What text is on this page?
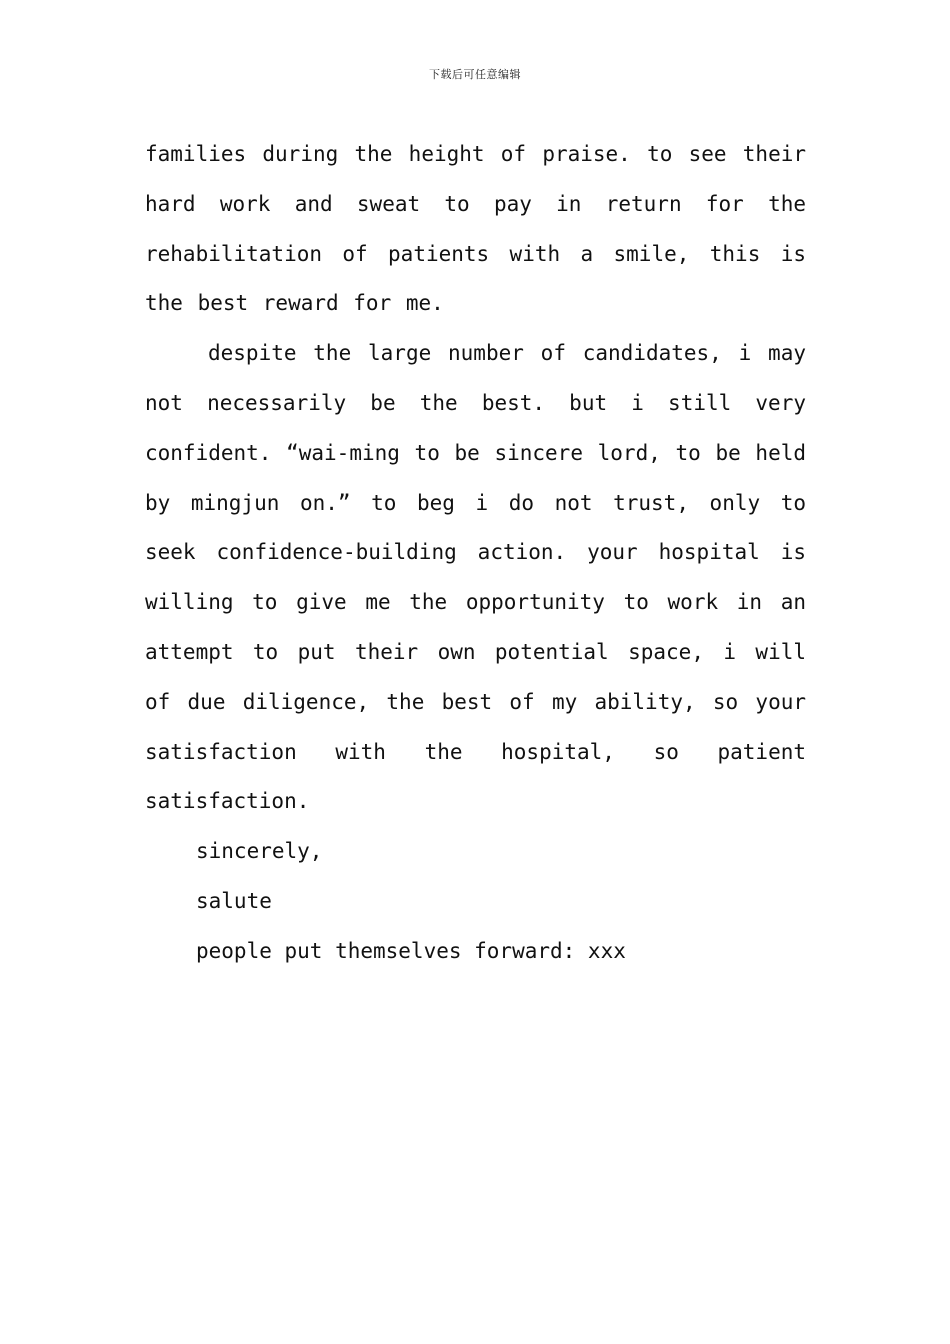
下载后可任意编辑

families during the height of praise. to see their hard work and sweat to pay in return for the rehabilitation of patients with a smile, this is the best reward for me.

despite the large number of candidates, i may not necessarily be the best. but i still very confident. “wai-ming to be sincere lord, to be held by mingjun on.” to beg i do not trust, only to seek confidence-building action. your hospital is willing to give me the opportunity to work in an attempt to put their own potential space, i will of due diligence, the best of my ability, so your satisfaction with the hospital, so patient satisfaction.

sincerely,

salute

people put themselves forward: xxx
